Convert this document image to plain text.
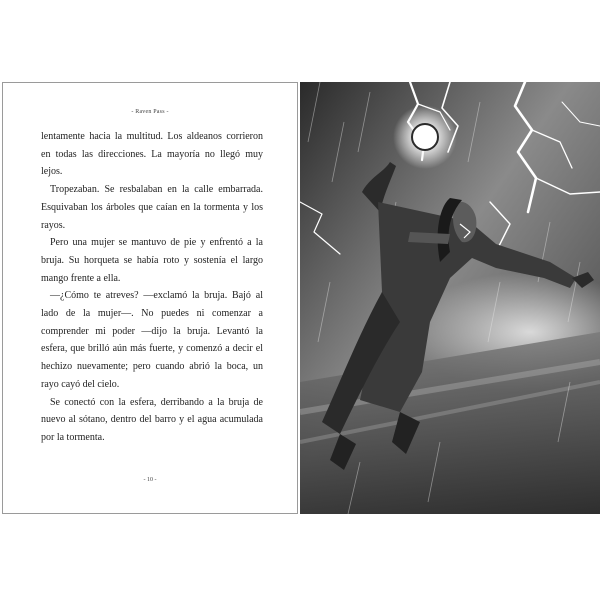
- Raven Pass -

lentamente hacia la multitud. Los aldeanos corrieron en todas las direcciones. La mayoría no llegó muy lejos.

Tropezaban. Se resbalaban en la calle embarrada. Esquivaban los árboles que caían en la tormenta y los rayos.

Pero una mujer se mantuvo de pie y enfrentó a la bruja. Su horqueta se había roto y sostenía el largo mango frente a ella.

—¿Cómo te atreves? —exclamó la bruja. Bajó al lado de la mujer—. No puedes ni comenzar a comprender mi poder —dijo la bruja. Levantó la esfera, que brilló aún más fuerte, y comenzó a decir el hechizo nuevamente; pero cuando abrió la boca, un rayo cayó del cielo.

Se conectó con la esfera, derribando a la bruja de nuevo al sótano, dentro del barro y el agua acumulada por la tormenta.

- 10 -
